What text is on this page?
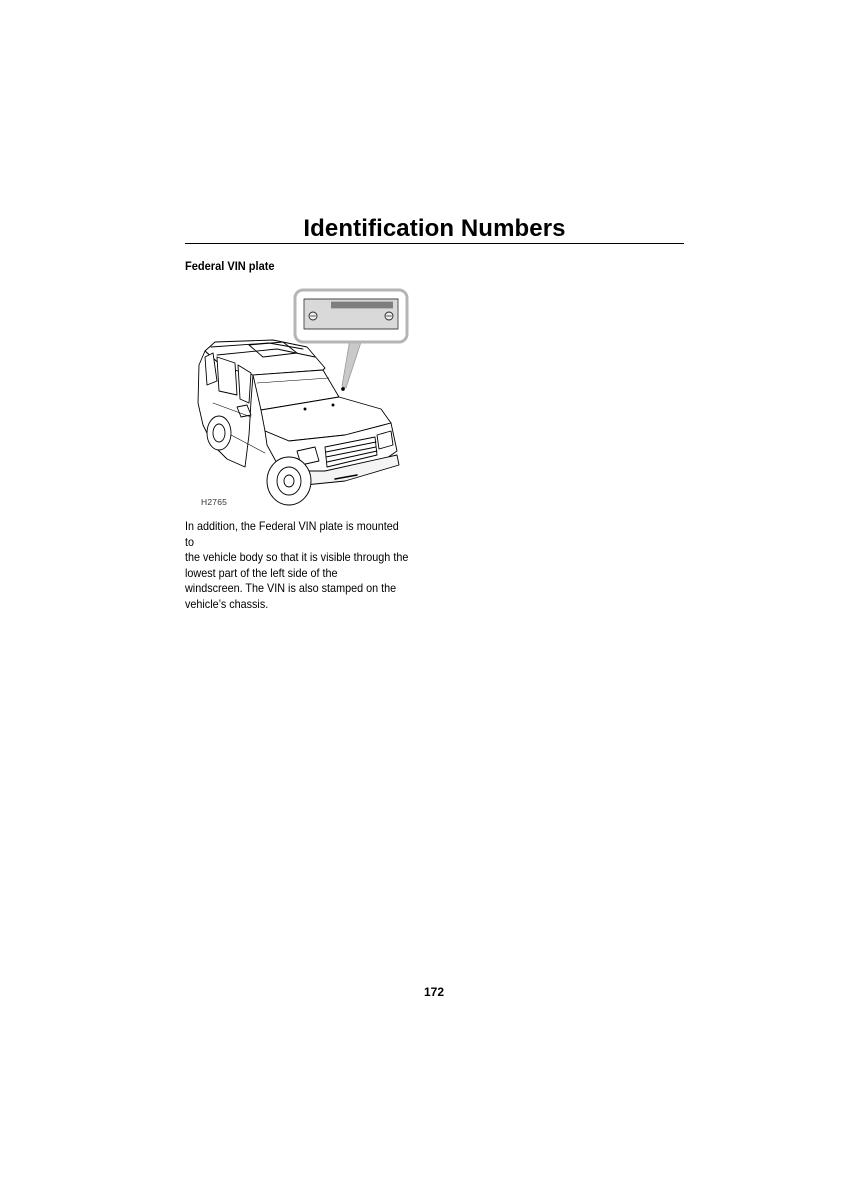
Identification Numbers
Federal VIN plate
H2765

In addition, the Federal VIN plate is mounted to
the vehicle body so that it is visible through the
lowest part of the left side of the
windscreen. The VIN is also stamped on the
vehicle’s chassis.

172
